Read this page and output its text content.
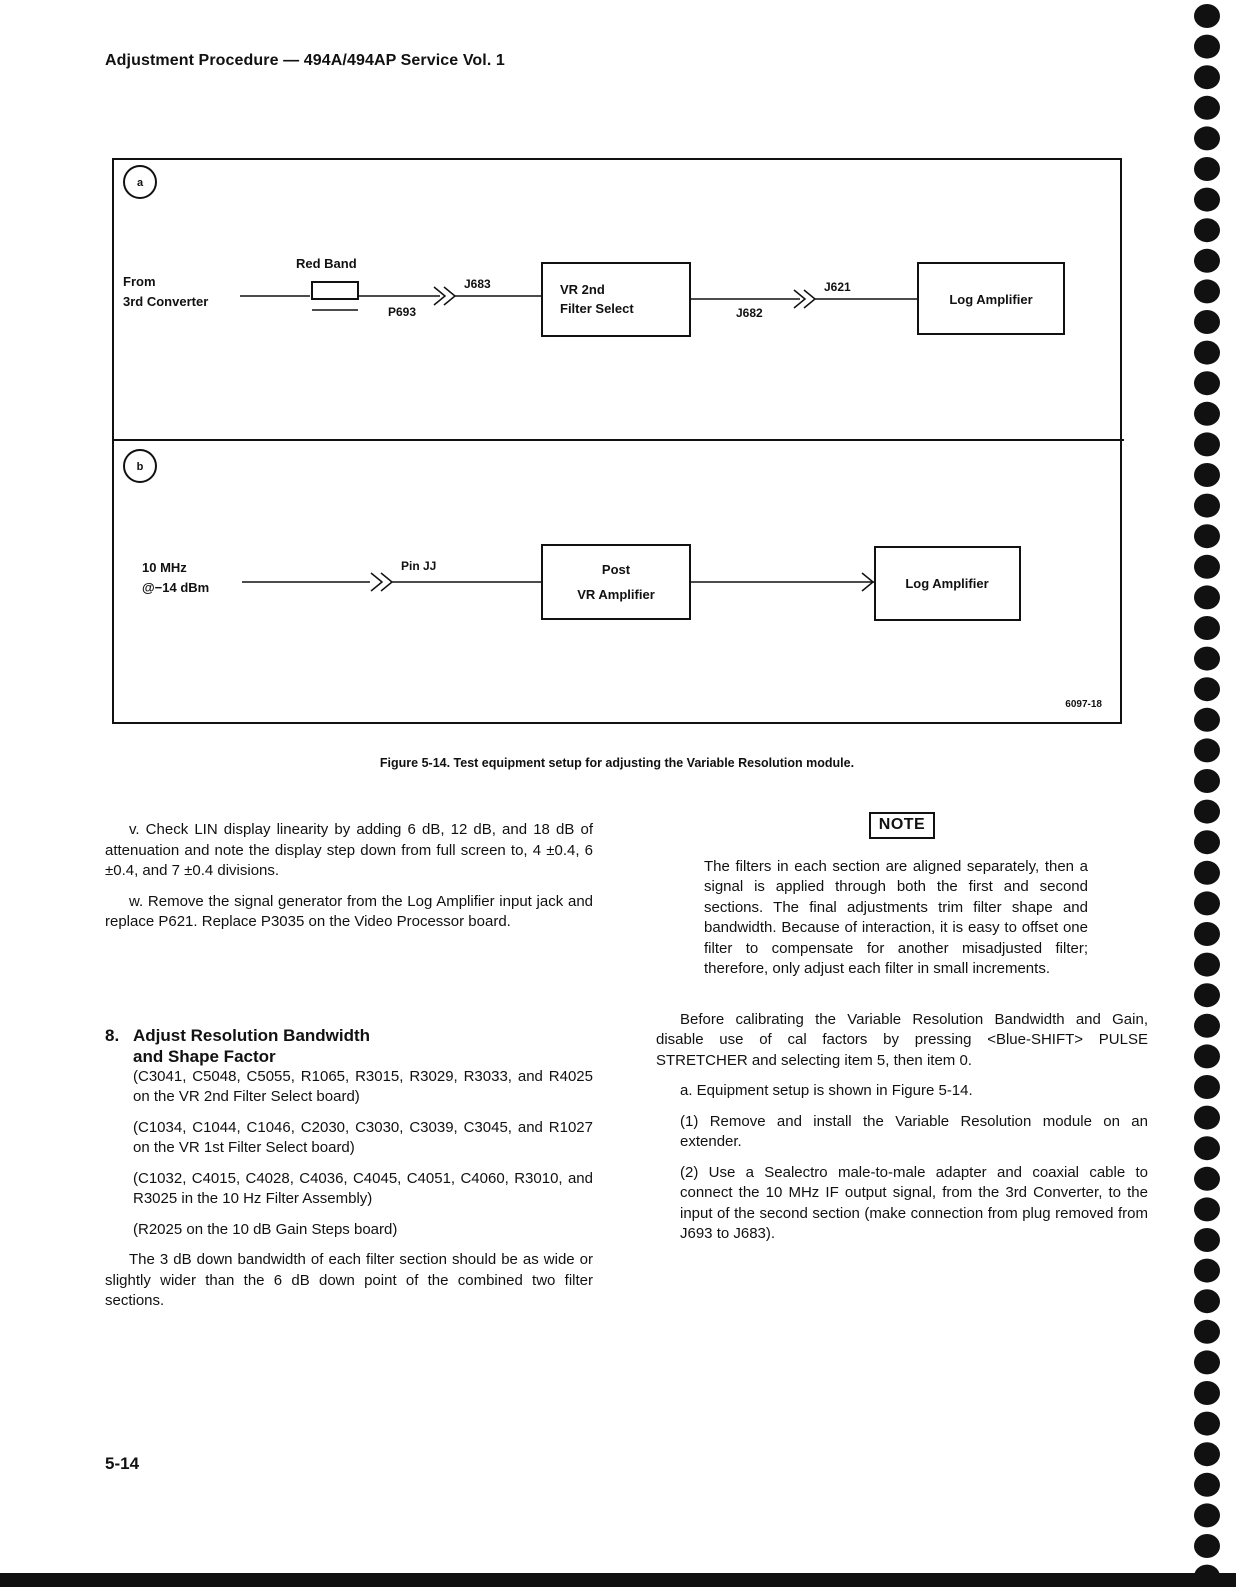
Adjustment Procedure — 494A/494AP Service Vol. 1
a
From
3rd Converter
Red Band
P693
J683	VR 2nd
Filter Select	J682
J621
Log Amplifier
b
10 MHz
@−14 dBm
Pin JJ	Post
VR Amplifier
Log Amplifier
6097-18
Figure 5-14. Test equipment setup for adjusting the Variable Resolution module.

v. Check LIN display linearity by adding 6 dB, 12 dB, and 18 dB of attenuation and note the display step down from full screen to, 4 ±0.4, 6 ±0.4, and 7 ±0.4 divisions.

w. Remove the signal generator from the Log Amplifier input jack and replace P621. Replace P3035 on the Video Processor board.

8. Adjust Resolution Bandwidth
and Shape Factor

(C3041, C5048, C5055, R1065, R3015, R3029, R3033, and R4025 on the VR 2nd Filter Select board)

(C1034, C1044, C1046, C2030, C3030, C3039, C3045, and R1027 on the VR 1st Filter Select board)

(C1032, C4015, C4028, C4036, C4045, C4051, C4060, R3010, and R3025 in the 10 Hz Filter Assembly)

(R2025 on the 10 dB Gain Steps board)

The 3 dB down bandwidth of each filter section should be as wide or slightly wider than the 6 dB down point of the combined two filter sections.

NOTE

The filters in each section are aligned separately, then a signal is applied through both the first and second sections. The final adjustments trim filter shape and bandwidth. Because of interaction, it is easy to offset one filter to compensate for another misadjusted filter; therefore, only adjust each filter in small increments.

Before calibrating the Variable Resolution Bandwidth and Gain, disable use of cal factors by pressing <Blue-SHIFT> PULSE STRETCHER and selecting item 5, then item 0.

a. Equipment setup is shown in Figure 5-14.

(1) Remove and install the Variable Resolution module on an extender.

(2) Use a Sealectro male-to-male adapter and coaxial cable to connect the 10 MHz IF output signal, from the 3rd Converter, to the input of the second section (make connection from plug removed from J693 to J683).

5-14
